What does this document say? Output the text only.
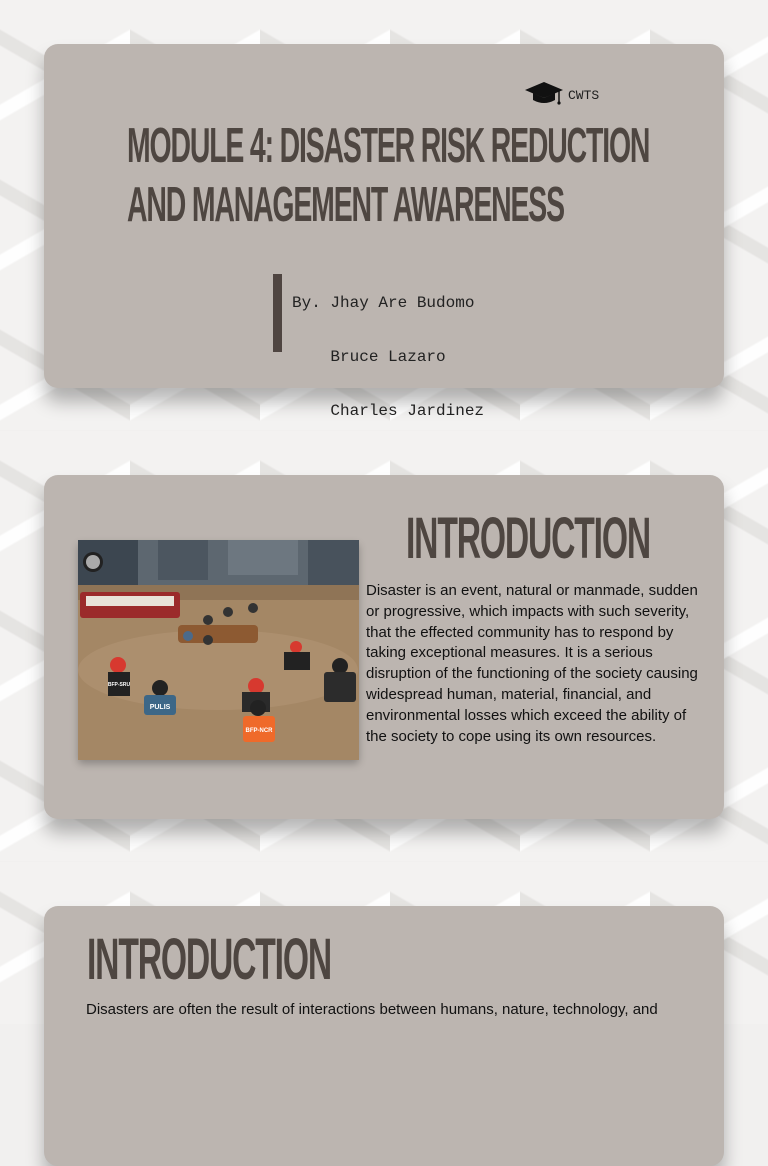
CWTS
MODULE 4: DISASTER RISK REDUCTION
AND MANAGEMENT AWARENESS

By. Jhay Are Budomo

Bruce Lazaro

Charles Jardinez

PULIS
BFP-NCR
BFP-SRU
INTRODUCTION

Disaster is an event, natural or manmade, sudden or progressive, which impacts with such severity, that the effected community has to respond by taking exceptional measures. It is a serious disruption of the functioning of the society causing widespread human, material, financial, and environmental losses which exceed the ability of the society to cope using its own resources.

INTRODUCTION

Disasters are often the result of interactions between humans, nature, technology, and
